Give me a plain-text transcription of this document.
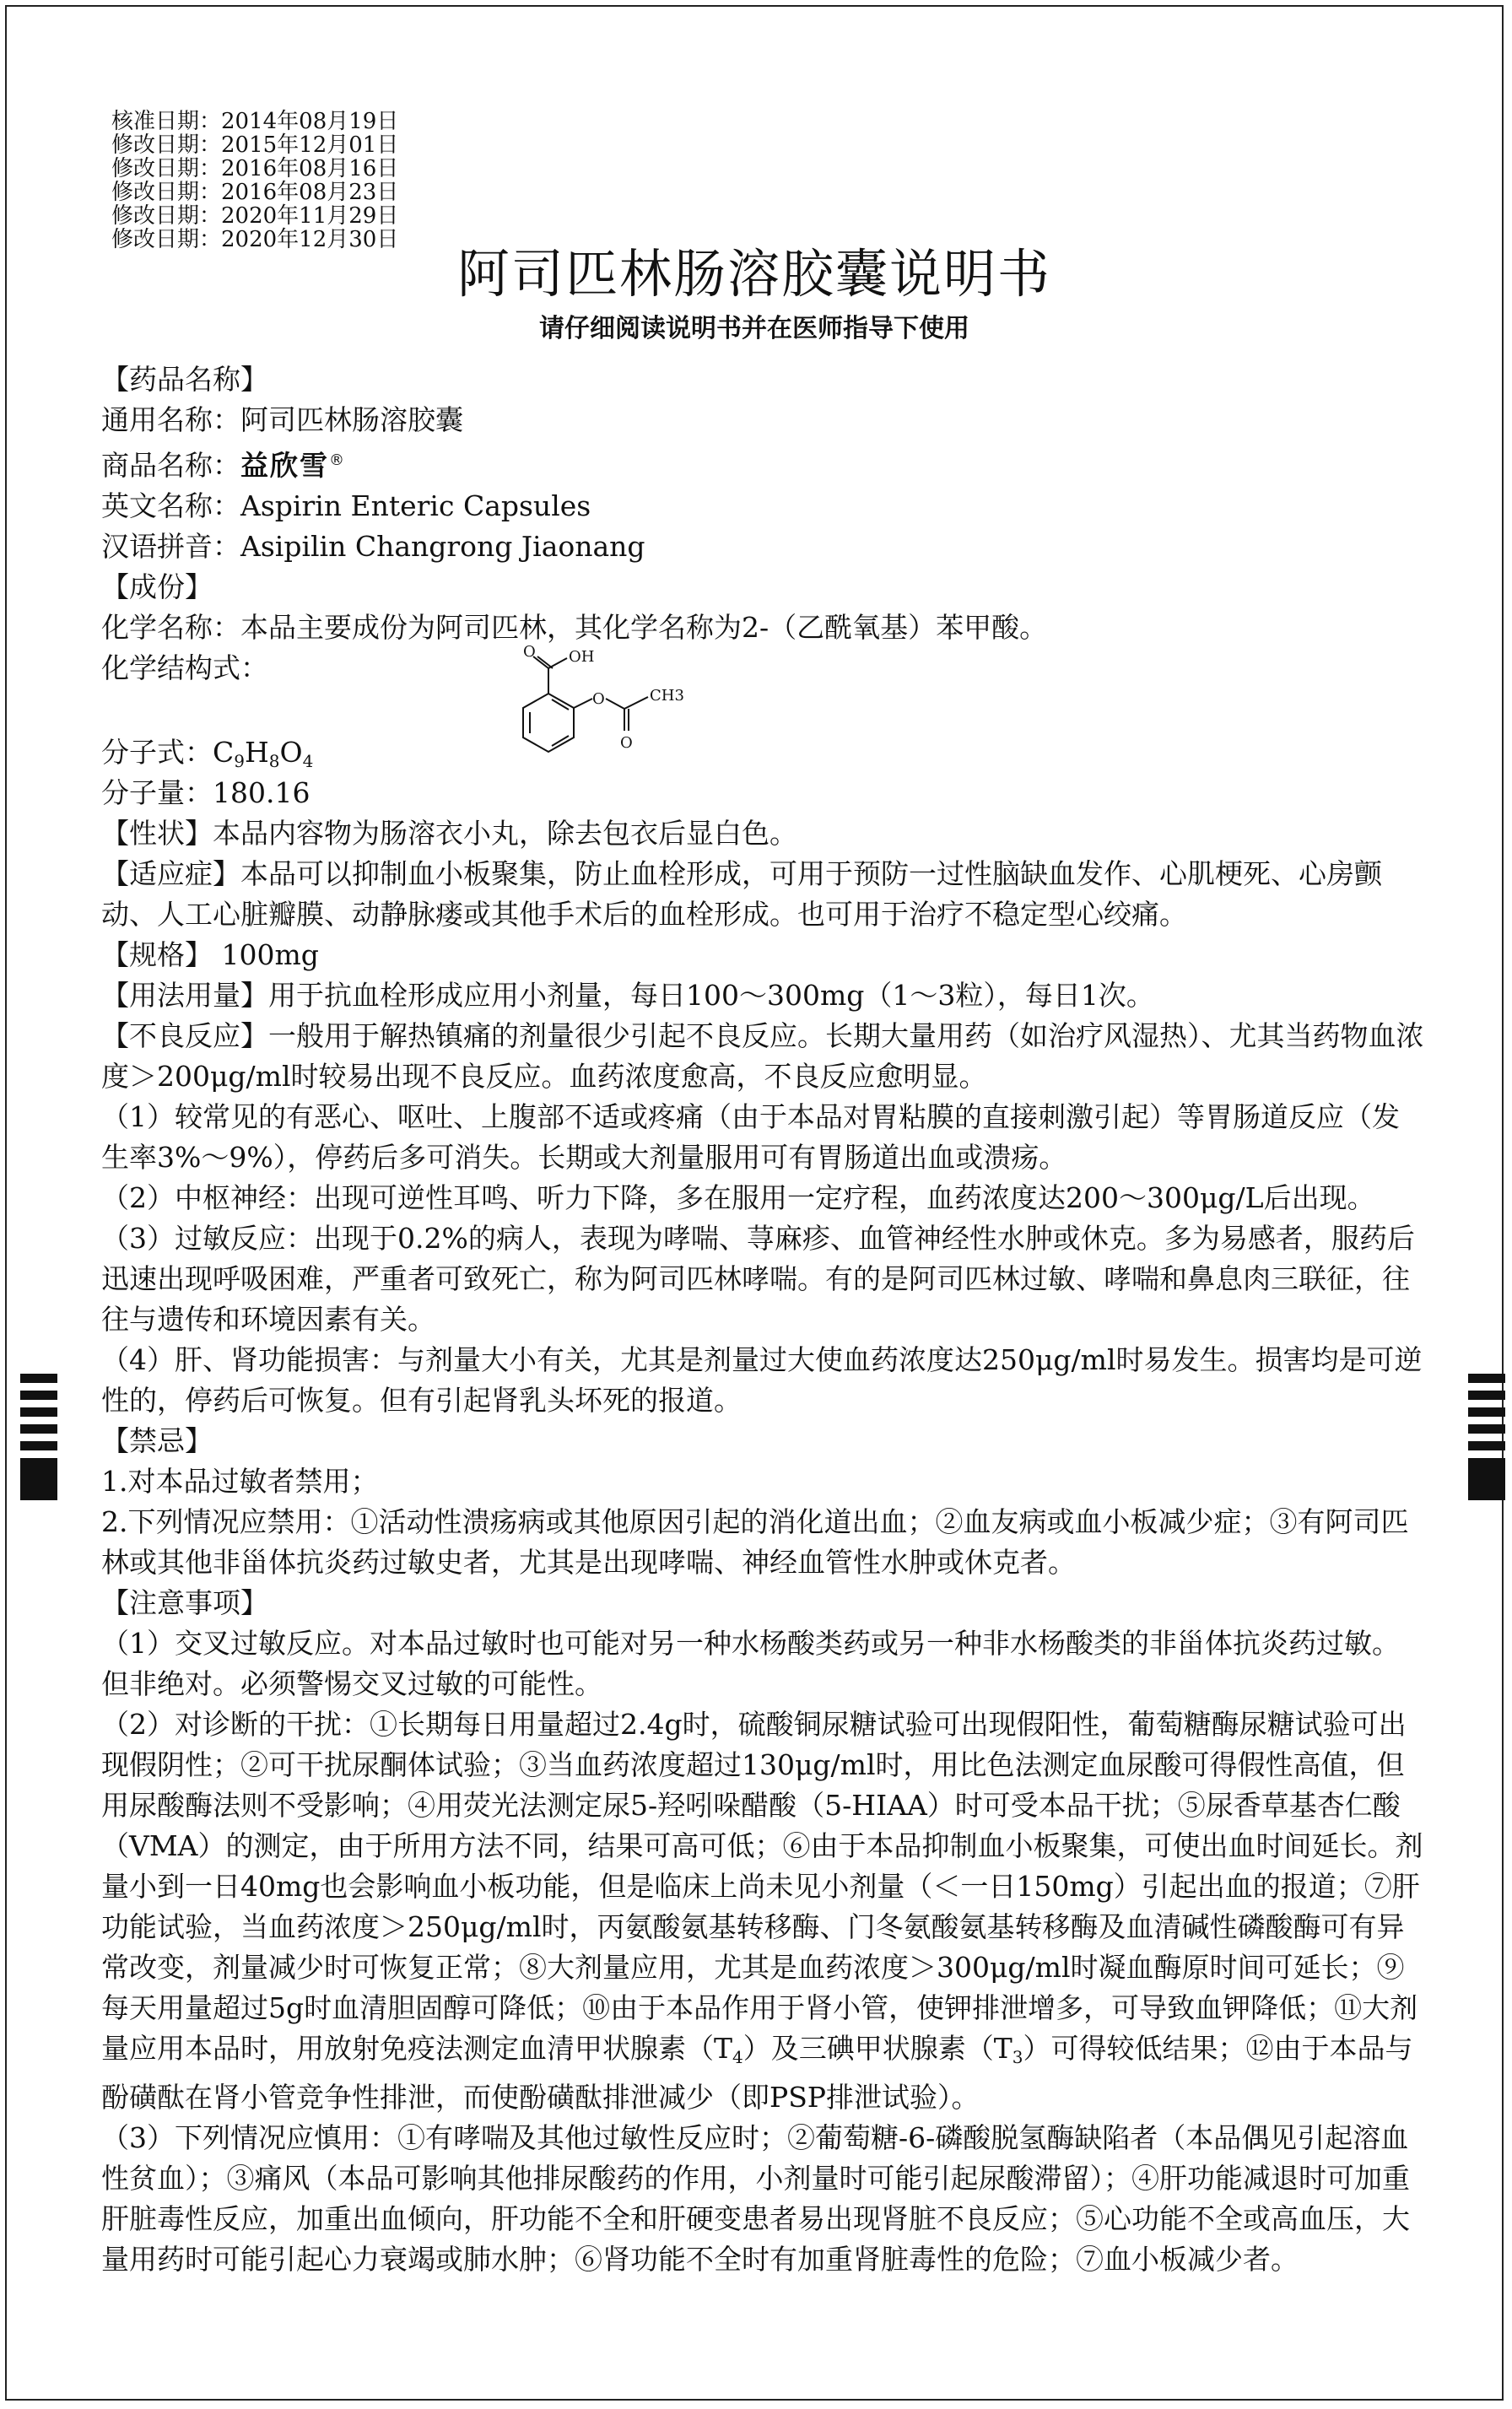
核准日期：2014年08月19日
修改日期：2015年12月01日
修改日期：2016年08月16日
修改日期：2016年08月23日
修改日期：2020年11月29日
修改日期：2020年12月30日
阿司匹林肠溶胶囊说明书
请仔细阅读说明书并在医师指导下使用

【药品名称】

通用名称：阿司匹林肠溶胶囊

商品名称：益欣雪®

英文名称：Aspirin Enteric Capsules

汉语拼音：Asipilin Changrong Jiaonang

【成份】

化学名称：本品主要成份为阿司匹林，其化学名称为2-（乙酰氧基）苯甲酸。

化学结构式：	O OH
O	CH3
O
分子式：$C_9H_8O_4$
分子量：180.16

【性状】本品内容物为肠溶衣小丸，除去包衣后显白色。

【适应症】本品可以抑制血小板聚集，防止血栓形成，可用于预防一过性脑缺血发作、心肌梗死、心房颤动、人工心脏瓣膜、动静脉瘘或其他手术后的血栓形成。也可用于治疗不稳定型心绞痛。

【规格】 100mg

【用法用量】用于抗血栓形成应用小剂量，每日100～300mg（1～3粒），每日1次。

【不良反应】一般用于解热镇痛的剂量很少引起不良反应。长期大量用药（如治疗风湿热）、尤其当药物血浓度＞200μg/ml时较易出现不良反应。血药浓度愈高，不良反应愈明显。

（1）较常见的有恶心、呕吐、上腹部不适或疼痛（由于本品对胃粘膜的直接刺激引起）等胃肠道反应（发生率3%～9%），停药后多可消失。长期或大剂量服用可有胃肠道出血或溃疡。

（2）中枢神经：出现可逆性耳鸣、听力下降，多在服用一定疗程，血药浓度达200～300μg/L后出现。

（3）过敏反应：出现于0.2%的病人，表现为哮喘、荨麻疹、血管神经性水肿或休克。多为易感者，服药后迅速出现呼吸困难，严重者可致死亡，称为阿司匹林哮喘。有的是阿司匹林过敏、哮喘和鼻息肉三联征，往往与遗传和环境因素有关。

（4）肝、肾功能损害：与剂量大小有关，尤其是剂量过大使血药浓度达250μg/ml时易发生。损害均是可逆性的，停药后可恢复。但有引起肾乳头坏死的报道。

【禁忌】

1.对本品过敏者禁用；

2.下列情况应禁用：①活动性溃疡病或其他原因引起的消化道出血；②血友病或血小板减少症；③有阿司匹林或其他非甾体抗炎药过敏史者，尤其是出现哮喘、神经血管性水肿或休克者。

【注意事项】

（1）交叉过敏反应。对本品过敏时也可能对另一种水杨酸类药或另一种非水杨酸类的非甾体抗炎药过敏。但非绝对。必须警惕交叉过敏的可能性。

（2）对诊断的干扰：①长期每日用量超过2.4g时，硫酸铜尿糖试验可出现假阳性，葡萄糖酶尿糖试验可出现假阴性；②可干扰尿酮体试验；③当血药浓度超过130μg/ml时，用比色法测定血尿酸可得假性高值，但用尿酸酶法则不受影响；④用荧光法测定尿5-羟吲哚醋酸（5-HIAA）时可受本品干扰；⑤尿香草基杏仁酸（VMA）的测定，由于所用方法不同，结果可高可低；⑥由于本品抑制血小板聚集，可使出血时间延长。剂量小到一日40mg也会影响血小板功能，但是临床上尚未见小剂量（＜一日150mg）引起出血的报道；⑦肝功能试验，当血药浓度＞250μg/ml时，丙氨酸氨基转移酶、门冬氨酸氨基转移酶及血清碱性磷酸酶可有异常改变，剂量减少时可恢复正常；⑧大剂量应用，尤其是血药浓度＞300μg/ml时凝血酶原时间可延长；⑨每天用量超过5g时血清胆固醇可降低；⑩由于本品作用于肾小管，使钾排泄增多，可导致血钾降低；⑪大剂量应用本品时，用放射免疫法测定血清甲状腺素$(T_4)$及三碘甲状腺素$(T_3)$可得较低结果；⑫由于本品与酚磺酞在肾小管竞争性排泄，而使酚磺酞排泄减少（即PSP排泄试验）。

（3）下列情况应慎用：①有哮喘及其他过敏性反应时；②葡萄糖-6-磷酸脱氢酶缺陷者（本品偶见引起溶血性贫血）；③痛风（本品可影响其他排尿酸药的作用，小剂量时可能引起尿酸滞留）；④肝功能减退时可加重肝脏毒性反应，加重出血倾向，肝功能不全和肝硬变患者易出现肾脏不良反应；⑤心功能不全或高血压，大量用药时可能引起心力衰竭或肺水肿；⑥肾功能不全时有加重肾脏毒性的危险；⑦血小板减少者。
